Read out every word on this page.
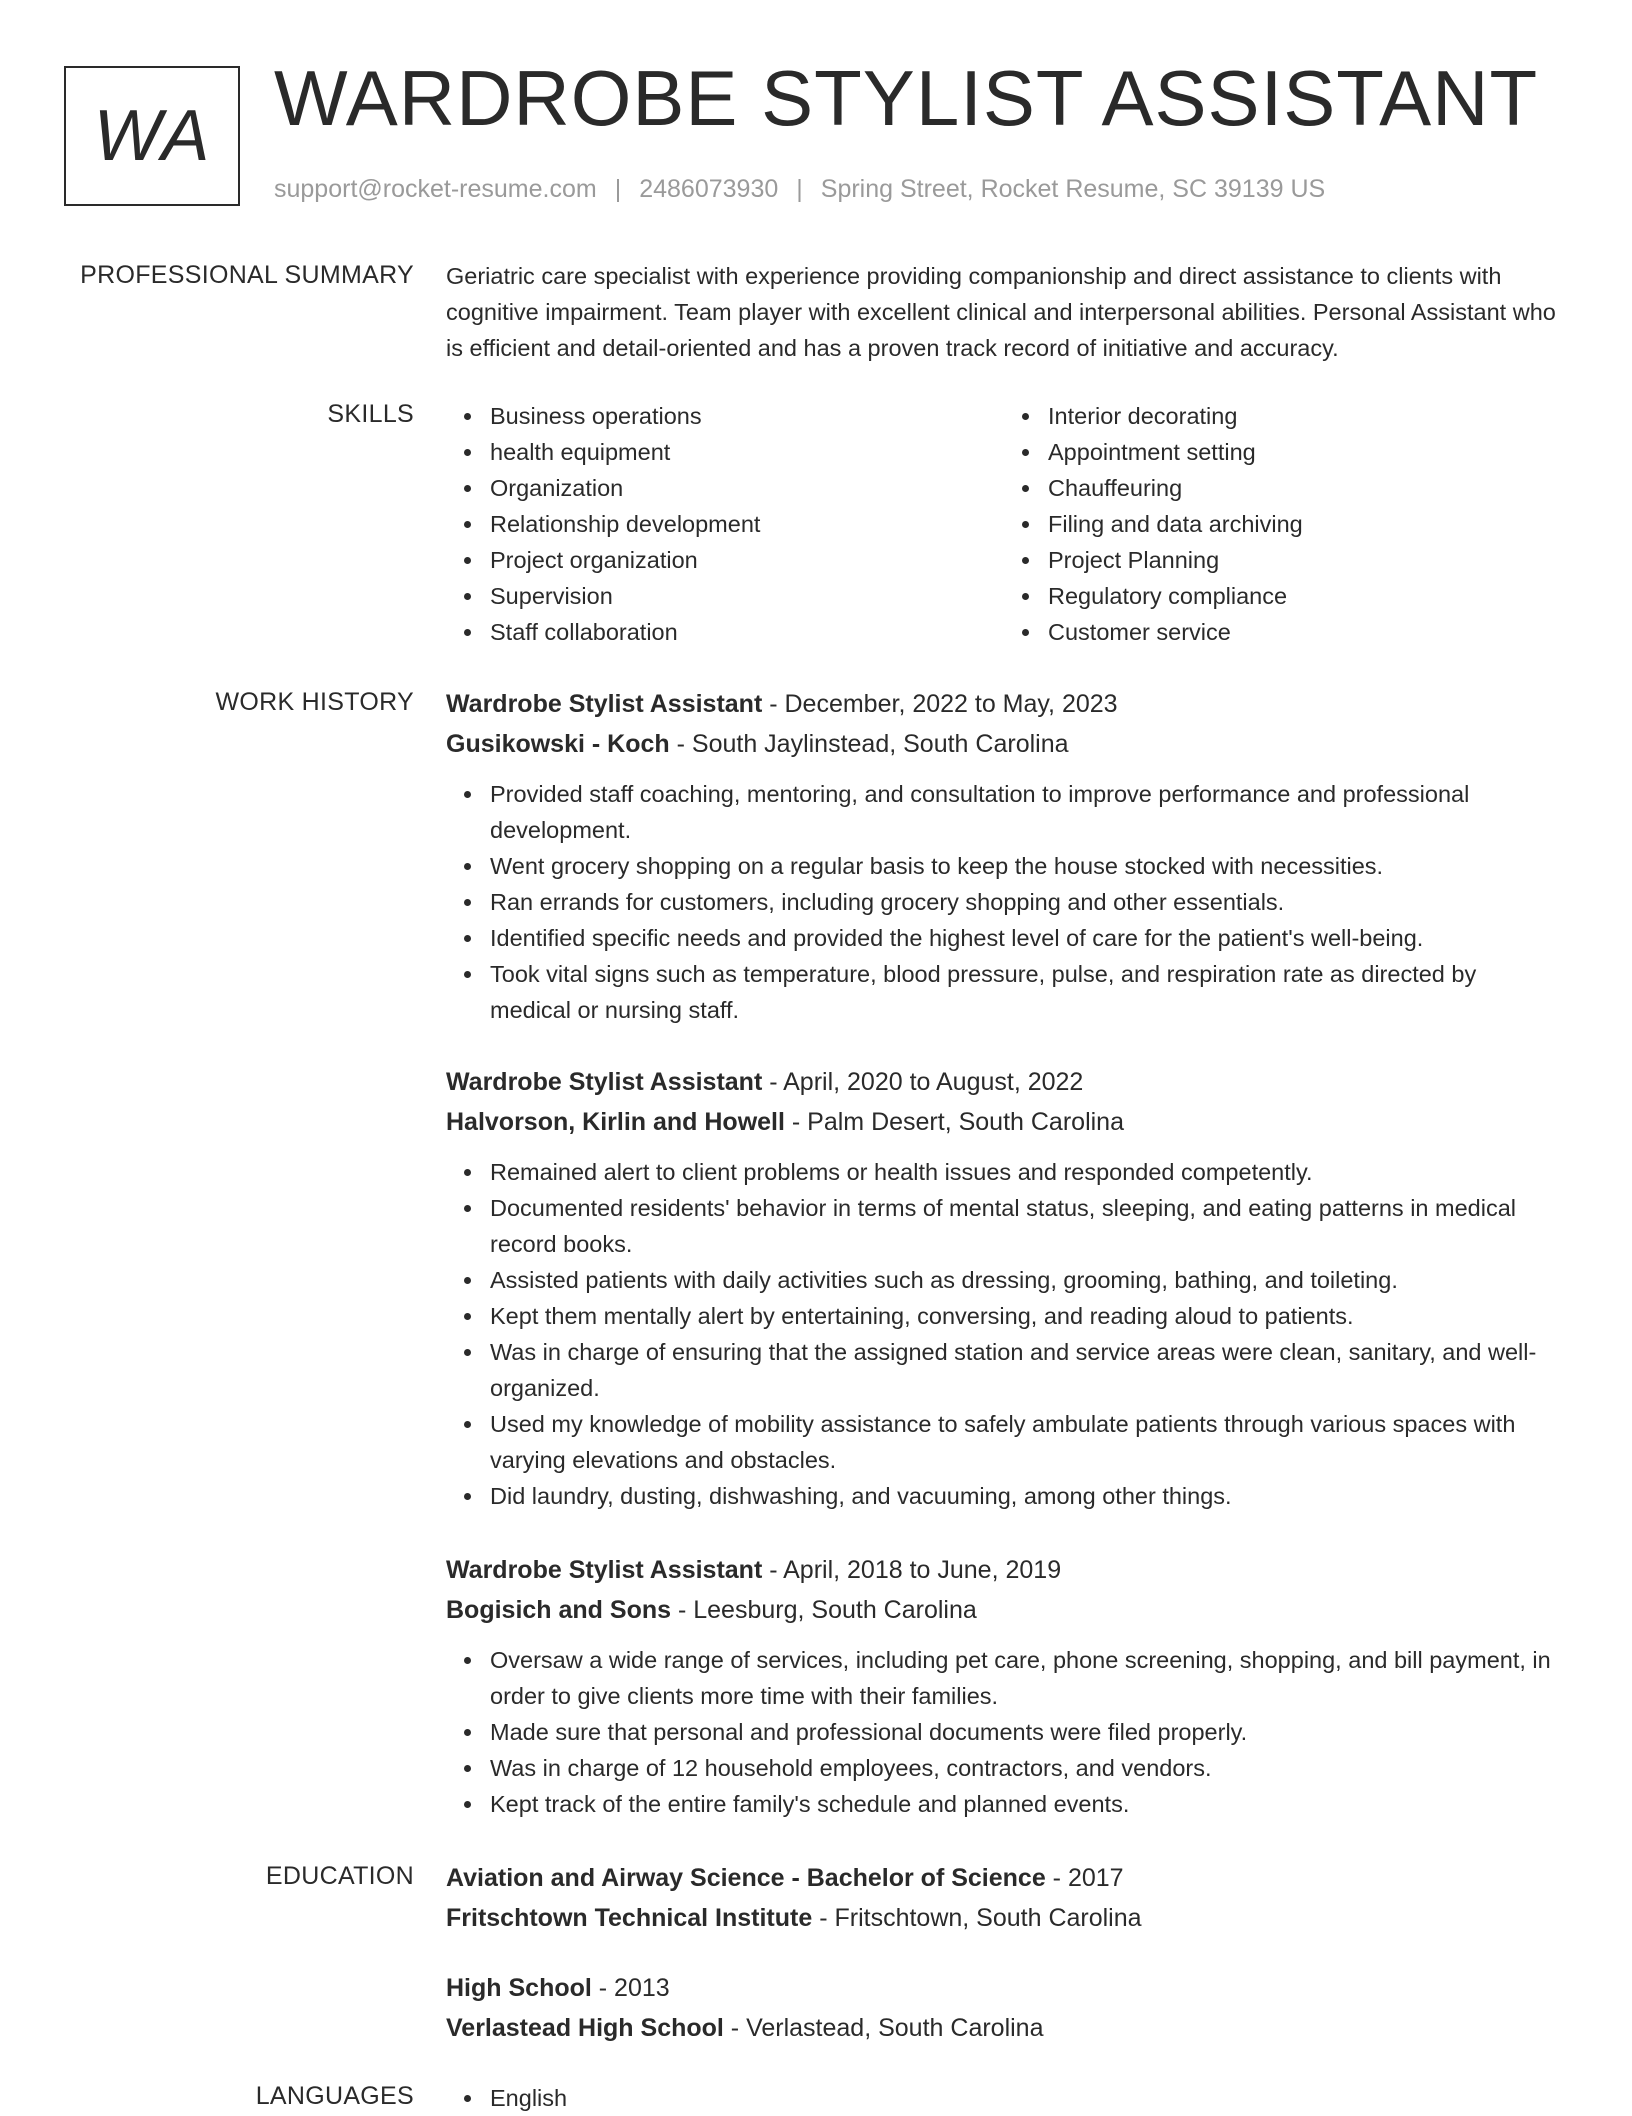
WA WARDROBE STYLIST ASSISTANT
support@rocket-resume.com | 2486073930 | Spring Street, Rocket Resume, SC 39139 US
PROFESSIONAL SUMMARY Geriatric care specialist with experience providing companionship and direct assistance to clients with cognitive impairment. Team player with excellent clinical and interpersonal abilities. Personal Assistant who is efficient and detail-oriented and has a proven track record of initiative and accuracy.

SKILLS	Business operations
health equipment
Organization
Relationship development
Project organization
Supervision
Staff collaboration
Interior decorating
Appointment setting
Chauffeuring
Filing and data archiving
Project Planning
Regulatory compliance
Customer service
WORK HISTORY Wardrobe Stylist Assistant - December, 2022 to May, 2023
Gusikowski - Koch - South Jaylinstead, South Carolina
Provided staff coaching, mentoring, and consultation to improve performance and professional development.
Went grocery shopping on a regular basis to keep the house stocked with necessities.
Ran errands for customers, including grocery shopping and other essentials.
Identified specific needs and provided the highest level of care for the patient's well-being.
Took vital signs such as temperature, blood pressure, pulse, and respiration rate as directed by medical or nursing staff.
Wardrobe Stylist Assistant - April, 2020 to August, 2022
Halvorson, Kirlin and Howell - Palm Desert, South Carolina
Remained alert to client problems or health issues and responded competently.
Documented residents' behavior in terms of mental status, sleeping, and eating patterns in medical record books.
Assisted patients with daily activities such as dressing, grooming, bathing, and toileting.
Kept them mentally alert by entertaining, conversing, and reading aloud to patients.
Was in charge of ensuring that the assigned station and service areas were clean, sanitary, and well-organized.
Used my knowledge of mobility assistance to safely ambulate patients through various spaces with varying elevations and obstacles.
Did laundry, dusting, dishwashing, and vacuuming, among other things.
Wardrobe Stylist Assistant - April, 2018 to June, 2019
Bogisich and Sons - Leesburg, South Carolina
Oversaw a wide range of services, including pet care, phone screening, shopping, and bill payment, in order to give clients more time with their families.
Made sure that personal and professional documents were filed properly.
Was in charge of 12 household employees, contractors, and vendors.
Kept track of the entire family's schedule and planned events.
EDUCATION Aviation and Airway Science - Bachelor of Science - 2017
Fritschtown Technical Institute - Fritschtown, South Carolina
High School - 2013
Verlastead High School - Verlastead, South Carolina
LANGUAGES	English
